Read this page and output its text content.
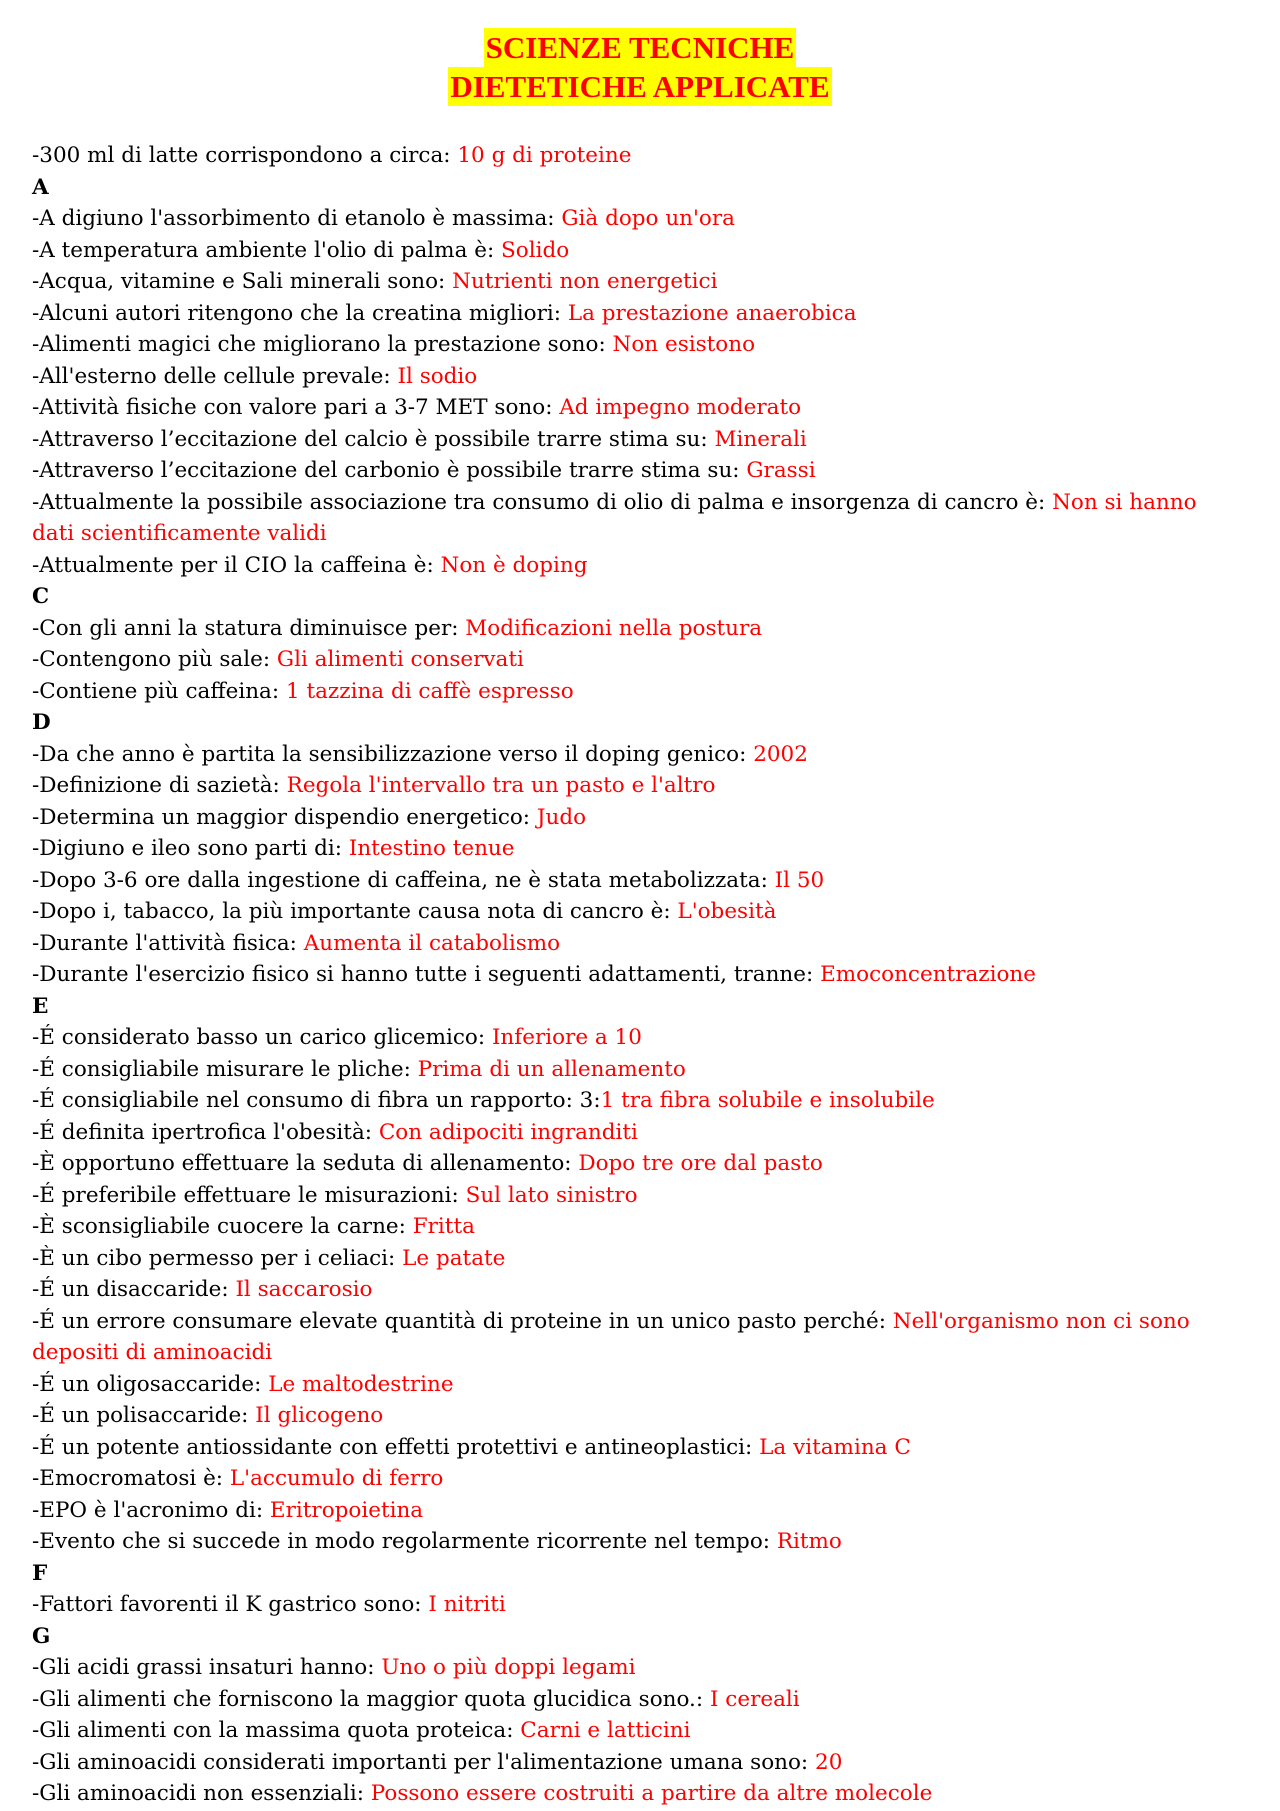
SCIENZE TECNICHE
DIETETICHE APPLICATE

-300 ml di latte corrispondono a circa: 10 g di proteine

A

-A digiuno l'assorbimento di etanolo è massima: Già dopo un'ora

-A temperatura ambiente l'olio di palma è: Solido

-Acqua, vitamine e Sali minerali sono: Nutrienti non energetici

-Alcuni autori ritengono che la creatina migliori: La prestazione anaerobica

-Alimenti magici che migliorano la prestazione sono: Non esistono

-All'esterno delle cellule prevale: Il sodio

-Attività fisiche con valore pari a 3-7 MET sono: Ad impegno moderato

-Attraverso l’eccitazione del calcio è possibile trarre stima su: Minerali

-Attraverso l’eccitazione del carbonio è possibile trarre stima su: Grassi

-Attualmente la possibile associazione tra consumo di olio di palma e insorgenza di cancro è: Non si hanno dati scientificamente validi

-Attualmente per il CIO la caffeina è: Non è doping

C

-Con gli anni la statura diminuisce per: Modificazioni nella postura

-Contengono più sale: Gli alimenti conservati

-Contiene più caffeina: 1 tazzina di caffè espresso

D

-Da che anno è partita la sensibilizzazione verso il doping genico: 2002

-Definizione di sazietà: Regola l'intervallo tra un pasto e l'altro

-Determina un maggior dispendio energetico: Judo

-Digiuno e ileo sono parti di: Intestino tenue

-Dopo 3-6 ore dalla ingestione di caffeina, ne è stata metabolizzata: Il 50

-Dopo i, tabacco, la più importante causa nota di cancro è: L'obesità

-Durante l'attività fisica: Aumenta il catabolismo

-Durante l'esercizio fisico si hanno tutte i seguenti adattamenti, tranne: Emoconcentrazione

E

-É considerato basso un carico glicemico: Inferiore a 10

-É consigliabile misurare le pliche: Prima di un allenamento

-É consigliabile nel consumo di fibra un rapporto: 3:1 tra fibra solubile e insolubile

-É definita ipertrofica l'obesità: Con adipociti ingranditi

-È opportuno effettuare la seduta di allenamento: Dopo tre ore dal pasto

-É preferibile effettuare le misurazioni: Sul lato sinistro

-È sconsigliabile cuocere la carne: Fritta

-È un cibo permesso per i celiaci: Le patate

-É un disaccaride: Il saccarosio

-É un errore consumare elevate quantità di proteine in un unico pasto perché: Nell'organismo non ci sono depositi di aminoacidi

-É un oligosaccaride: Le maltodestrine

-É un polisaccaride: Il glicogeno

-É un potente antiossidante con effetti protettivi e antineoplastici: La vitamina C

-Emocromatosi è: L'accumulo di ferro

-EPO è l'acronimo di: Eritropoietina

-Evento che si succede in modo regolarmente ricorrente nel tempo: Ritmo

F

-Fattori favorenti il K gastrico sono: I nitriti

G

-Gli acidi grassi insaturi hanno: Uno o più doppi legami

-Gli alimenti che forniscono la maggior quota glucidica sono.: I cereali

-Gli alimenti con la massima quota proteica: Carni e latticini

-Gli aminoacidi considerati importanti per l'alimentazione umana sono: 20

-Gli aminoacidi non essenziali: Possono essere costruiti a partire da altre molecole
